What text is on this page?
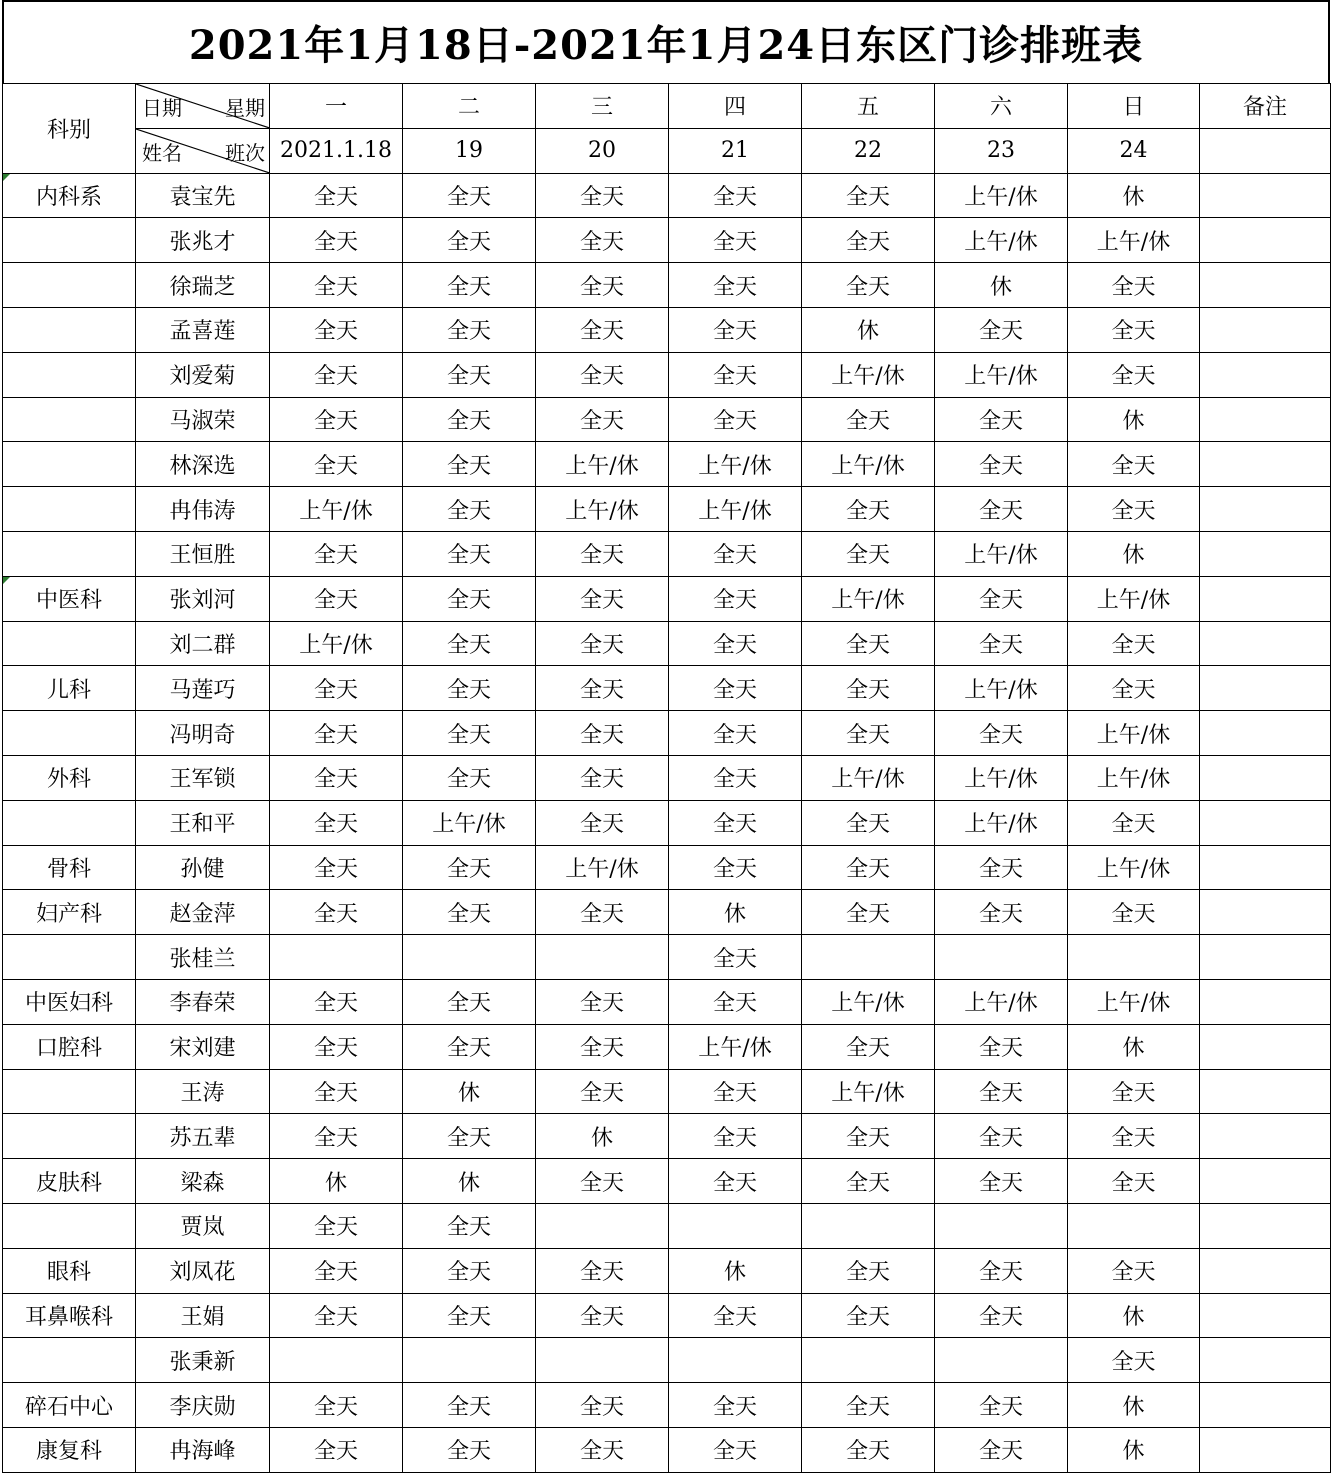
2021年1月18日-2021年1月24日东区门诊排班表
科别	日期 星期	一	二	三	四	五	六	日	备注

	姓名 班次	2021.1.18	19	20	21	22	23	24	

内科系	袁宝先	全天	全天	全天	全天	全天	上午/休	休	
	张兆才	全天	全天	全天	全天	全天	上午/休	上午/休	
	徐瑞芝	全天	全天	全天	全天	全天	休	全天	
	孟喜莲	全天	全天	全天	全天	休	全天	全天	
	刘爱菊	全天	全天	全天	全天	上午/休	上午/休	全天	
	马淑荣	全天	全天	全天	全天	全天	全天	休	
	林深选	全天	全天	上午/休	上午/休	上午/休	全天	全天	
	冉伟涛	上午/休	全天	上午/休	上午/休	全天	全天	全天	
	王恒胜	全天	全天	全天	全天	全天	上午/休	休	

中医科	张刘河	全天	全天	全天	全天	上午/休	全天	上午/休	
	刘二群	上午/休	全天	全天	全天	全天	全天	全天	
儿科	马莲巧	全天	全天	全天	全天	全天	上午/休	全天	
	冯明奇	全天	全天	全天	全天	全天	全天	上午/休	
外科	王军锁	全天	全天	全天	全天	上午/休	上午/休	上午/休	
	王和平	全天	上午/休	全天	全天	全天	上午/休	全天	
骨科	孙健	全天	全天	上午/休	全天	全天	全天	上午/休	
妇产科	赵金萍	全天	全天	全天	休	全天	全天	全天	
	张桂兰				全天				
中医妇科	李春荣	全天	全天	全天	全天	上午/休	上午/休	上午/休	
口腔科	宋刘建	全天	全天	全天	上午/休	全天	全天	休	
	王涛	全天	休	全天	全天	上午/休	全天	全天	
	苏五辈	全天	全天	休	全天	全天	全天	全天	
皮肤科	梁森	休	休	全天	全天	全天	全天	全天	
	贾岚	全天	全天						
眼科	刘凤花	全天	全天	全天	休	全天	全天	全天	
耳鼻喉科	王娟	全天	全天	全天	全天	全天	全天	休	
	张秉新							全天	
碎石中心	李庆勋	全天	全天	全天	全天	全天	全天	休	
康复科	冉海峰	全天	全天	全天	全天	全天	全天	休	
